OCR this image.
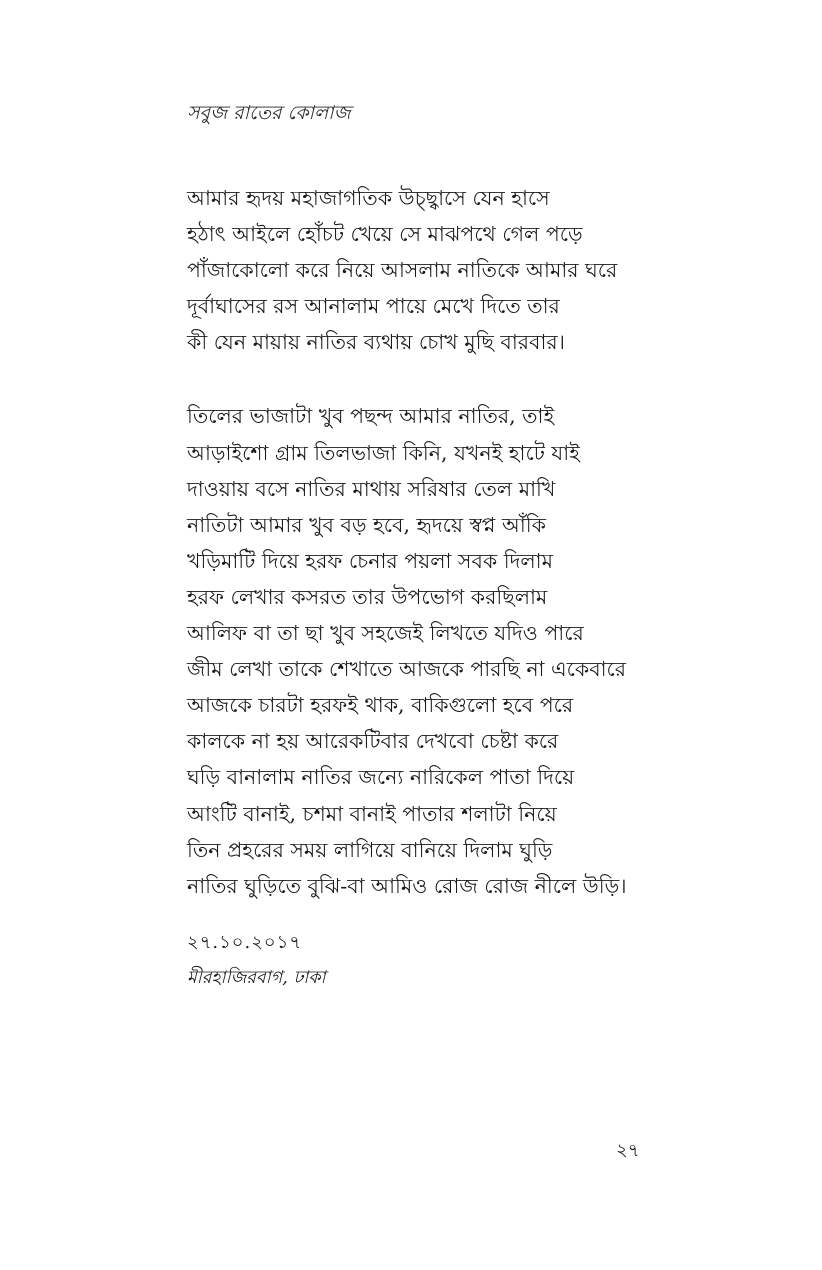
সবুজ রাতের কোলাজ
আমার হৃদয় মহাজাগতিক উচ্ছ্বাসে যেন হাসে
হঠাৎ আইলে হোঁচট খেয়ে সে মাঝপথে গেল পড়ে
পাঁজাকোলো করে নিয়ে আসলাম নাতিকে আমার ঘরে
দূর্বাঘাসের রস আনালাম পায়ে মেখে দিতে তার
কী যেন মায়ায় নাতির ব্যথায় চোখ মুছি বারবার।
তিলের ভাজাটা খুব পছন্দ আমার নাতির, তাই
আড়াইশো গ্রাম তিলভাজা কিনি, যখনই হাটে যাই
দাওয়ায় বসে নাতির মাথায় সরিষার তেল মাখি
নাতিটা আমার খুব বড় হবে, হৃদয়ে স্বপ্ন আঁকি
খড়িমাটি দিয়ে হরফ চেনার পয়লা সবক দিলাম
হরফ লেখার কসরত তার উপভোগ করছিলাম
আলিফ বা তা ছা খুব সহজেই লিখতে যদিও পারে
জীম লেখা তাকে শেখাতে আজকে পারছি না একেবারে
আজকে চারটা হরফই থাক, বাকিগুলো হবে পরে
কালকে না হয় আরেকটিবার দেখবো চেষ্টা করে
ঘড়ি বানালাম নাতির জন্যে নারিকেল পাতা দিয়ে
আংটি বানাই, চশমা বানাই পাতার শলাটা নিয়ে
তিন প্রহরের সময় লাগিয়ে বানিয়ে দিলাম ঘুড়ি
নাতির ঘুড়িতে বুঝি-বা আমিও রোজ রোজ নীলে উড়ি।
২৭.১০.২০১৭
মীরহাজিরবাগ, ঢাকা
২৭
